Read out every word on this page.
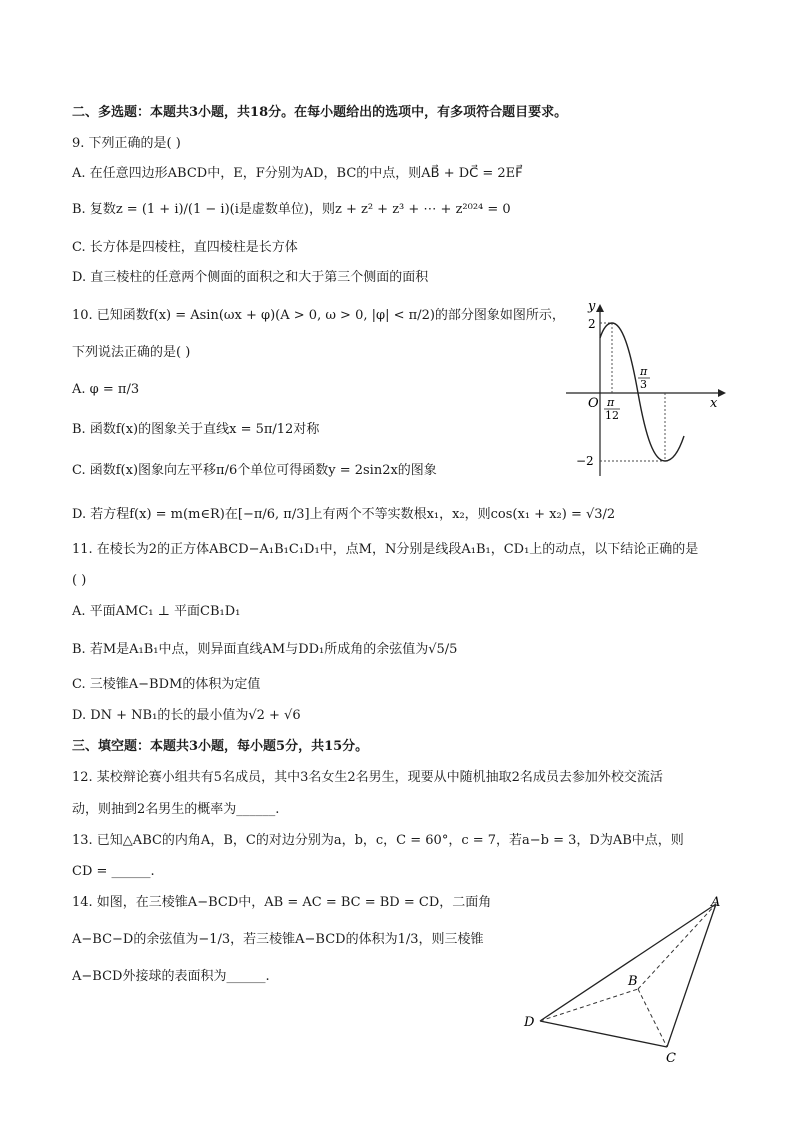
二、多选题：本题共3小题，共18分。在每小题给出的选项中，有多项符合题目要求。
9. 下列正确的是( )
A. 在任意四边形ABCD中，E，F分别为AD，BC的中点，则AB⃗ + DC⃗ = 2EF⃗
B. 复数z = (1 + i)/(1 − i)(i是虚数单位)，则z + z² + z³ + ⋯ + z²⁰²⁴ = 0
C. 长方体是四棱柱，直四棱柱是长方体
D. 直三棱柱的任意两个侧面的面积之和大于第三个侧面的面积
10. 已知函数f(x) = Asin(ωx + φ)(A > 0, ω > 0, |φ| < π/2)的部分图象如图所示，
下列说法正确的是( )
A. φ = π/3
B. 函数f(x)的图象关于直线x = 5π/12对称
C. 函数f(x)图象向左平移π/6个单位可得函数y = 2sin2x的图象
D. 若方程f(x) = m(m∈R)在[−π/6, π/3]上有两个不等实数根x₁，x₂，则cos(x₁ + x₂) = √3/2
y
x
O
2
−2
π
12
π
3
11. 在棱长为2的正方体ABCD−A₁B₁C₁D₁中，点M，N分别是线段A₁B₁，CD₁上的动点，以下结论正确的是
( )
A. 平面AMC₁ ⊥ 平面CB₁D₁
B. 若M是A₁B₁中点，则异面直线AM与DD₁所成角的余弦值为√5/5
C. 三棱锥A−BDM的体积为定值
D. DN + NB₁的长的最小值为√2 + √6
三、填空题：本题共3小题，每小题5分，共15分。
12. 某校辩论赛小组共有5名成员，其中3名女生2名男生，现要从中随机抽取2名成员去参加外校交流活
动，则抽到2名男生的概率为______.
13. 已知△ABC的内角A，B，C的对边分别为a，b，c，C = 60°，c = 7，若a−b = 3，D为AB中点，则
CD = ______.
14. 如图，在三棱锥A−BCD中，AB = AC = BC = BD = CD，二面角
A−BC−D的余弦值为−1/3，若三棱锥A−BCD的体积为1/3，则三棱锥
A−BCD外接球的表面积为______.
A
B
C
D
